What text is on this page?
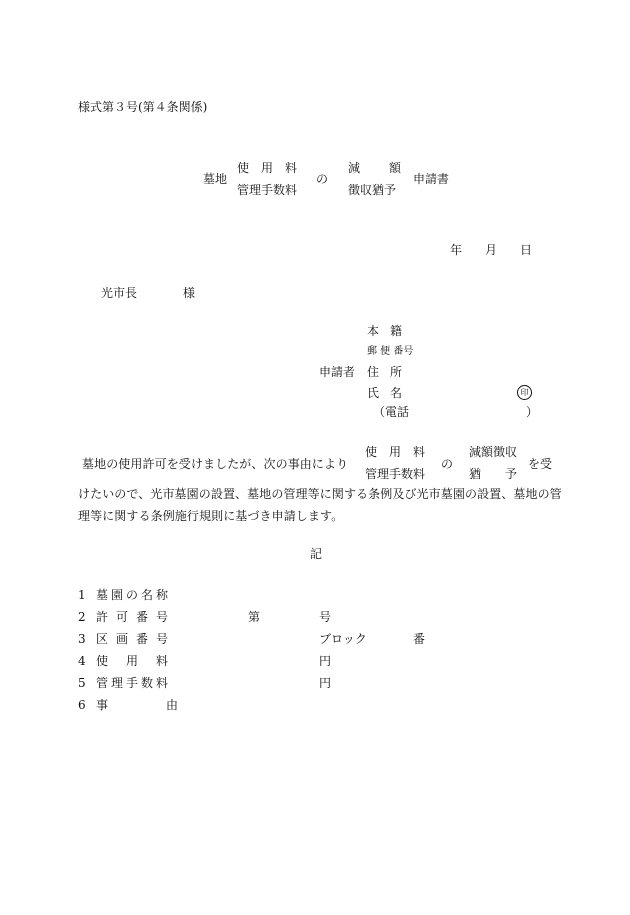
様式第３号(第４条関係)
墓地
使 用 料
管理手数料
の
減 額
徴収猶予
申請書
年 月 日
光市長	様
申請者
本 籍
郵 便 番号
住 所
氏 名	印
（電話	）
墓地の使用許可を受けましたが、次の事由により
使 用 料
管理手数料
の
減額徴収
猶 予
を受
けたいので、光市墓園の設置、墓地の管理等に関する条例及び光市墓園の設置、墓地の管
理等に関する条例施行規則に基づき申請します。
記
1 墓 園 の 名 称
2 許 可 番 号	第	号
3 区 画 番 号	ブロック	番
4 使 用 料	円
5 管 理 手 数 料	円
6 事	由
